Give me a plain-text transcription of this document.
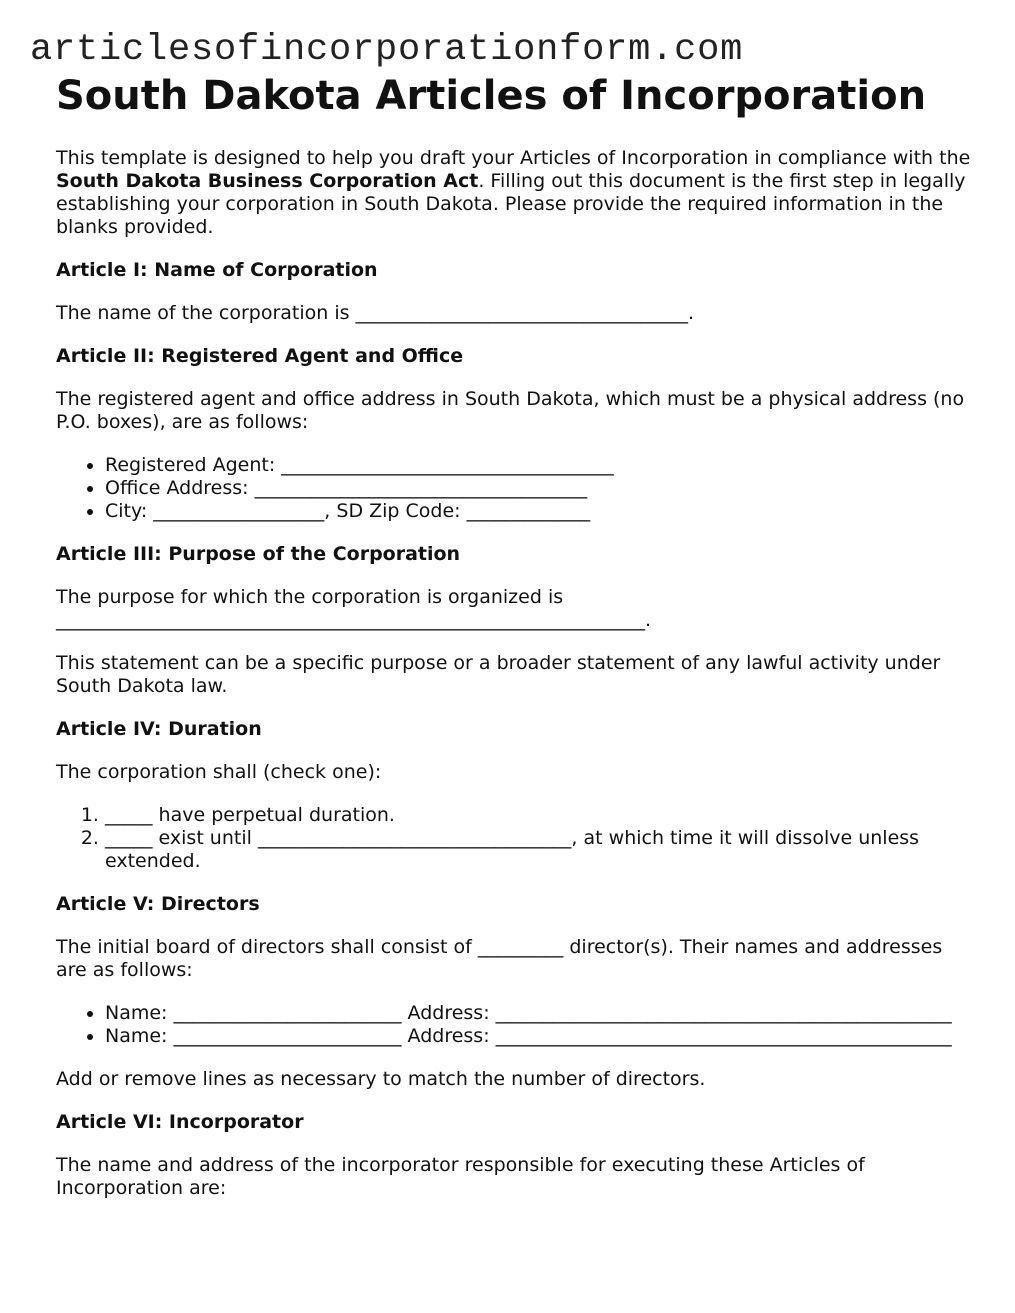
articlesofincorporationform.com
South Dakota Articles of Incorporation

This template is designed to help you draft your Articles of Incorporation in compliance with the South Dakota Business Corporation Act. Filling out this document is the first step in legally establishing your corporation in South Dakota. Please provide the required information in the blanks provided.

Article I: Name of Corporation

The name of the corporation is ___________________________________.

Article II: Registered Agent and Office

The registered agent and office address in South Dakota, which must be a physical address (no P.O. boxes), are as follows:

• Registered Agent: ___________________________________
• Office Address: ___________________________________
• City: __________________, SD Zip Code: _____________
Article III: Purpose of the Corporation

The purpose for which the corporation is organized is ______________________________________________________________.

This statement can be a specific purpose or a broader statement of any lawful activity under South Dakota law.

Article IV: Duration

The corporation shall (check one):

1. _____ have perpetual duration.
2. _____ exist until _________________________________, at which time it will dissolve unless extended.
Article V: Directors

The initial board of directors shall consist of _________ director(s). Their names and addresses are as follows:

• Name: ________________________ Address: ________________________________________________
• Name: ________________________ Address: ________________________________________________

Add or remove lines as necessary to match the number of directors.

Article VI: Incorporator

The name and address of the incorporator responsible for executing these Articles of Incorporation are:
